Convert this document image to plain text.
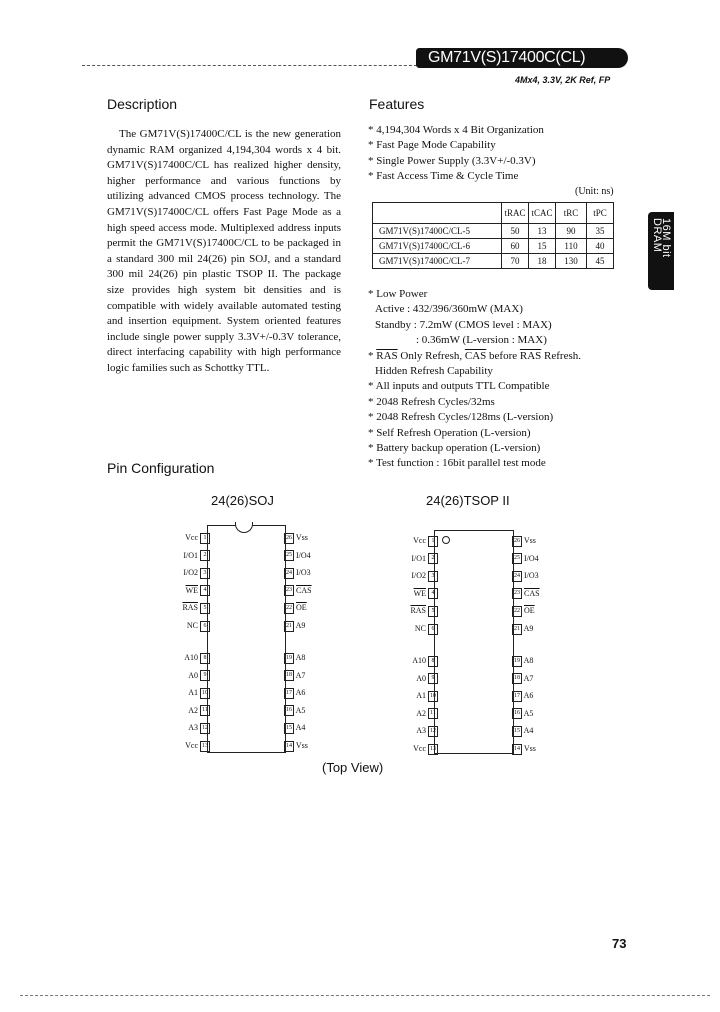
GM71V(S)17400C(CL)
4Mx4, 3.3V, 2K Ref, FP
16M bit DRAM
Description
The GM71V(S)17400C/CL is the new generation dynamic RAM organized 4,194,304 words x 4 bit. GM71V(S)17400C/CL has realized higher density, higher performance and various functions by utilizing advanced CMOS process technology. The GM71V(S)17400C/CL offers Fast Page Mode as a high speed access mode. Multiplexed address inputs permit the GM71V(S)17400C/CL to be packaged in a standard 300 mil 24(26) pin SOJ, and a standard 300 mil 24(26) pin plastic TSOP II. The package size provides high system bit densities and is compatible with widely available automated testing and insertion equipment. System oriented features include single power supply 3.3V+/-0.3V tolerance, direct interfacing capability with high performance logic families such as Schottky TTL.
Features
* 4,194,304 Words x 4 Bit Organization
* Fast Page Mode Capability
* Single Power Supply (3.3V+/-0.3V)
* Fast Access Time & Cycle Time
(Unit: ns)
	tRAC	tCAC	tRC	tPC
GM71V(S)17400C/CL-5	50	13	90	35
GM71V(S)17400C/CL-6	60	15	110	40
GM71V(S)17400C/CL-7	70	18	130	45
* Low Power
Active : 432/396/360mW (MAX)
Standby : 7.2mW (CMOS level : MAX)
: 0.36mW (L-version : MAX)
* $\overline{RAS}$ Only Refresh, $\overline{CAS}$ before $\overline{RAS}$ Refresh.
Hidden Refresh Capability
* All inputs and outputs TTL Compatible
* 2048 Refresh Cycles/32ms
* 2048 Refresh Cycles/128ms (L-version)
* Self Refresh Operation (L-version)
* Battery backup operation (L-version)
* Test function : 16bit parallel test mode
Pin Configuration
24(26)SOJ	24(26)TSOP II
Vcc 1
I/O1 2
I/O2 3
$\overline{WE}$ 4
$\overline{RAS}$ 5
NC 6
A10 8
A0 9
A1 10
A2 11
A3 12
Vcc 13
26 Vss
25 I/O4
24 I/O3
23 $\overline{CAS}$
22 $\overline{OE}$
21 A9
19 A8
18 A7
17 A6
16 A5
15 A4
14 Vss
Vcc 1
I/O1 2
I/O2 3
$\overline{WE}$ 4
$\overline{RAS}$ 5
NC 6
A10 8
A0 9
A1 10
A2 11
A3 12
Vcc 13
26 Vss
25 I/O4
24 I/O3
23 $\overline{CAS}$
22 $\overline{OE}$
21 A9
19 A8
18 A7
17 A6
16 A5
15 A4
14 Vss
(Top View)
73
